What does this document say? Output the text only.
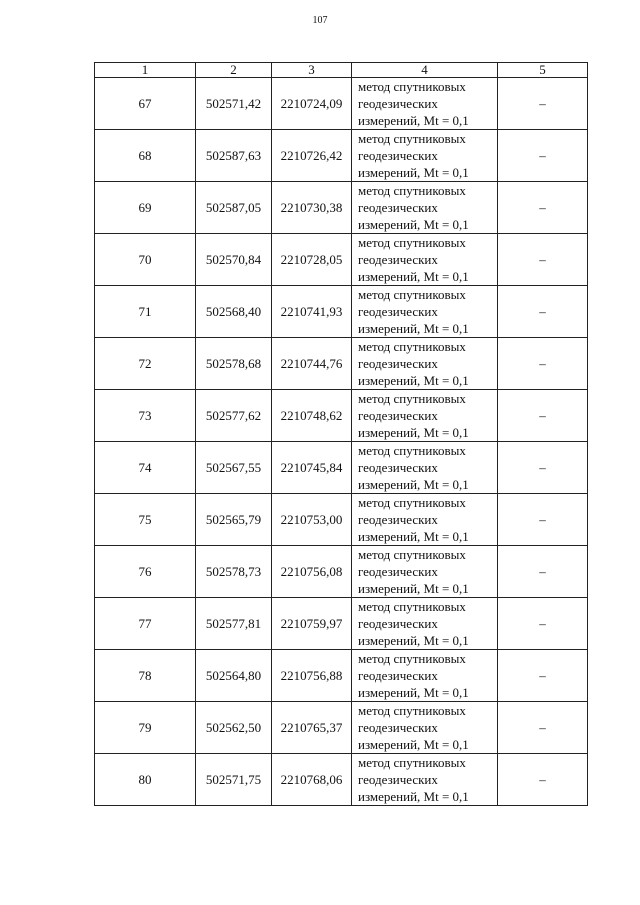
107
1	2	3	4	5
67	502571,42	2210724,09	метод спутниковых
геодезических
измерений, Mt = 0,1	–
68	502587,63	2210726,42	метод спутниковых
геодезических
измерений, Mt = 0,1	–
69	502587,05	2210730,38	метод спутниковых
геодезических
измерений, Mt = 0,1	–
70	502570,84	2210728,05	метод спутниковых
геодезических
измерений, Mt = 0,1	–
71	502568,40	2210741,93	метод спутниковых
геодезических
измерений, Mt = 0,1	–
72	502578,68	2210744,76	метод спутниковых
геодезических
измерений, Mt = 0,1	–
73	502577,62	2210748,62	метод спутниковых
геодезических
измерений, Mt = 0,1	–
74	502567,55	2210745,84	метод спутниковых
геодезических
измерений, Mt = 0,1	–
75	502565,79	2210753,00	метод спутниковых
геодезических
измерений, Mt = 0,1	–
76	502578,73	2210756,08	метод спутниковых
геодезических
измерений, Mt = 0,1	–
77	502577,81	2210759,97	метод спутниковых
геодезических
измерений, Mt = 0,1	–
78	502564,80	2210756,88	метод спутниковых
геодезических
измерений, Mt = 0,1	–
79	502562,50	2210765,37	метод спутниковых
геодезических
измерений, Mt = 0,1	–
80	502571,75	2210768,06	метод спутниковых
геодезических
измерений, Mt = 0,1	–
